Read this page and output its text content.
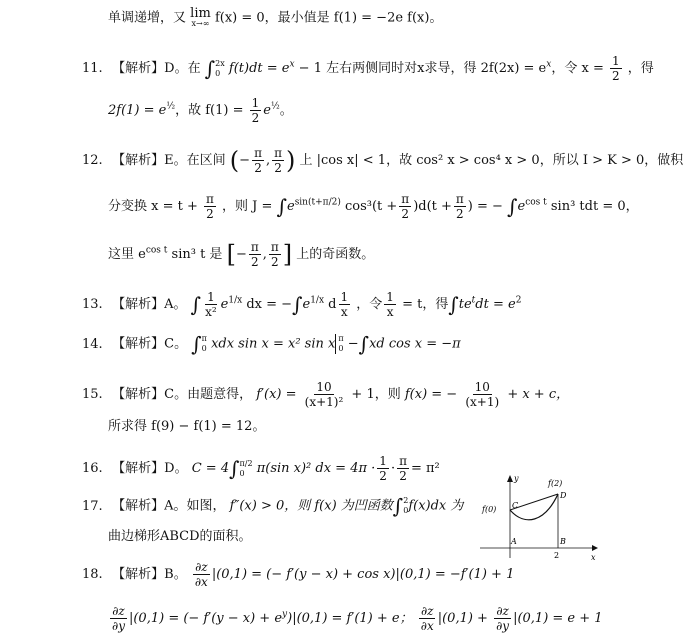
单调递增，又 lim
x→∞ f(x) = 0，最小值是 f(1) = −2e f(x)。
11. 【解析】D。在 ∫ 2x
0 $f(t)dt = e^x - 1$ 左右两侧同时对x求导，得 $2f(2x) = e^x$，令 $x = \frac{1}{2}$ ，得
$2f(1) = e^{\frac{1}{2}}$，故 $f(1) = \frac{1}{2} e^{\frac{1}{2}}$。
12. 【解析】E。在区间 (− $\frac{\pi}{2}$ , $\frac{\pi}{2}$ ) 上 |cos x| < 1，故 cos² x > cos⁴ x > 0，所以 I > K > 0，做积
分变换 $x = t + \frac{\pi}{2}$ ，则 $J = \int e^{sin(t+\pi/2)}$ $\cos^3(t + \frac{\pi}{2} )d(t + \frac{\pi}{2}$ ) = − $\int e^{cos t}$ sin³ tdt = 0，
这里 $e^{cos t}$ sin³ t 是 [− $\frac{\pi}{2}$ , $\frac{\pi}{2}$ ] 上的奇函数。
13. 【解析】A。 ∫ $\frac{1}{\text{x²}} e^{1/x}$ dx = $-\int e^{1/x}$ d $\frac{1}{x}$ ，令 $\frac{1}{x} = t$，得$\int te^tdt = e^2$
14. 【解析】C。 ∫ π
0 xdx sin x = x² sin x π
0 −∫xd cos x = −π
15. 【解析】C。由题意得， $f'(x) = \frac{10}{\text{(x+1)²}} + 1$，则 f(x) = − $\frac{10}{(x+1)} + x + c$，
所求得 f(9) − f(1) = 12。
16. 【解析】D。 C = 4∫ π/2
0 π(sin x)² dx = $4\pi \cdot \frac{1}{2} \cdot \frac{\pi}{2} = \pi^2$
17. 【解析】A。如图， f″(x) > 0，则 f(x) 为凹函数∫ 2
0 f(x)dx 为
曲边梯形ABCD的面积。
y
x
f(0)
f(2)
C
D
A	B
2
18. 【解析】B。 $\frac{\partial z}{\partial x} |(0,1)$ = (− f′(y − x) + cos x)|(0,1) = −f′(1) + 1
$\frac{\partial z}{\partial y} |(0,1)$ = (− $f'(y - x) + e^y)|(0,1) = f'(1) + e$； $\frac{\partial z}{\partial x} |(0,1) + \frac{\partial z}{\partial y} |(0,1) = e + 1$
